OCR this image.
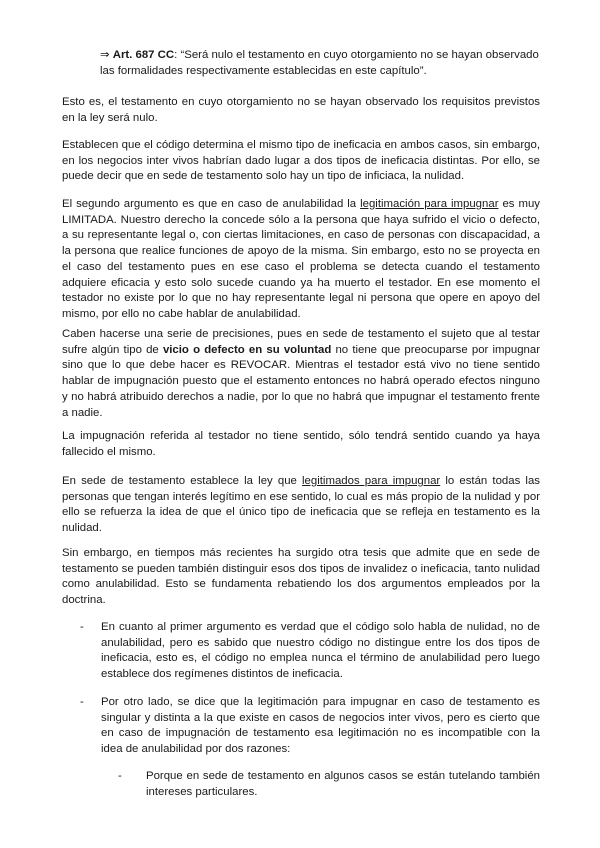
⇒ Art. 687 CC: “Será nulo el testamento en cuyo otorgamiento no se hayan observado las formalidades respectivamente establecidas en este capítulo”.

Esto es, el testamento en cuyo otorgamiento no se hayan observado los requisitos previstos en la ley será nulo.

Establecen que el código determina el mismo tipo de ineficacia en ambos casos, sin embargo, en los negocios inter vivos habrían dado lugar a dos tipos de ineficacia distintas. Por ello, se puede decir que en sede de testamento solo hay un tipo de inficiaca, la nulidad.

El segundo argumento es que en caso de anulabilidad la legitimación para impugnar es muy LIMITADA. Nuestro derecho la concede sólo a la persona que haya sufrido el vicio o defecto, a su representante legal o, con ciertas limitaciones, en caso de personas con discapacidad, a la persona que realice funciones de apoyo de la misma. Sin embargo, esto no se proyecta en el caso del testamento pues en ese caso el problema se detecta cuando el testamento adquiere eficacia y esto solo sucede cuando ya ha muerto el testador. En ese momento el testador no existe por lo que no hay representante legal ni persona que opere en apoyo del mismo, por ello no cabe hablar de anulabilidad.

Caben hacerse una serie de precisiones, pues en sede de testamento el sujeto que al testar sufre algún tipo de vicio o defecto en su voluntad no tiene que preocuparse por impugnar sino que lo que debe hacer es REVOCAR. Mientras el testador está vivo no tiene sentido hablar de impugnación puesto que el estamento entonces no habrá operado efectos ninguno y no habrá atribuido derechos a nadie, por lo que no habrá que impugnar el testamento frente a nadie.

La impugnación referida al testador no tiene sentido, sólo tendrá sentido cuando ya haya fallecido el mismo.

En sede de testamento establece la ley que legitimados para impugnar lo están todas las personas que tengan interés legítimo en ese sentido, lo cual es más propio de la nulidad y por ello se refuerza la idea de que el único tipo de ineficacia que se refleja en testamento es la nulidad.

Sin embargo, en tiempos más recientes ha surgido otra tesis que admite que en sede de testamento se pueden también distinguir esos dos tipos de invalidez o ineficacia, tanto nulidad como anulabilidad. Esto se fundamenta rebatiendo los dos argumentos empleados por la doctrina.

- En cuanto al primer argumento es verdad que el código solo habla de nulidad, no de anulabilidad, pero es sabido que nuestro código no distingue entre los dos tipos de ineficacia, esto es, el código no emplea nunca el término de anulabilidad pero luego establece dos regímenes distintos de ineficacia.

- Por otro lado, se dice que la legitimación para impugnar en caso de testamento es singular y distinta a la que existe en casos de negocios inter vivos, pero es cierto que en caso de impugnación de testamento esa legitimación no es incompatible con la idea de anulabilidad por dos razones:

- Porque en sede de testamento en algunos casos se están tutelando también intereses particulares.
